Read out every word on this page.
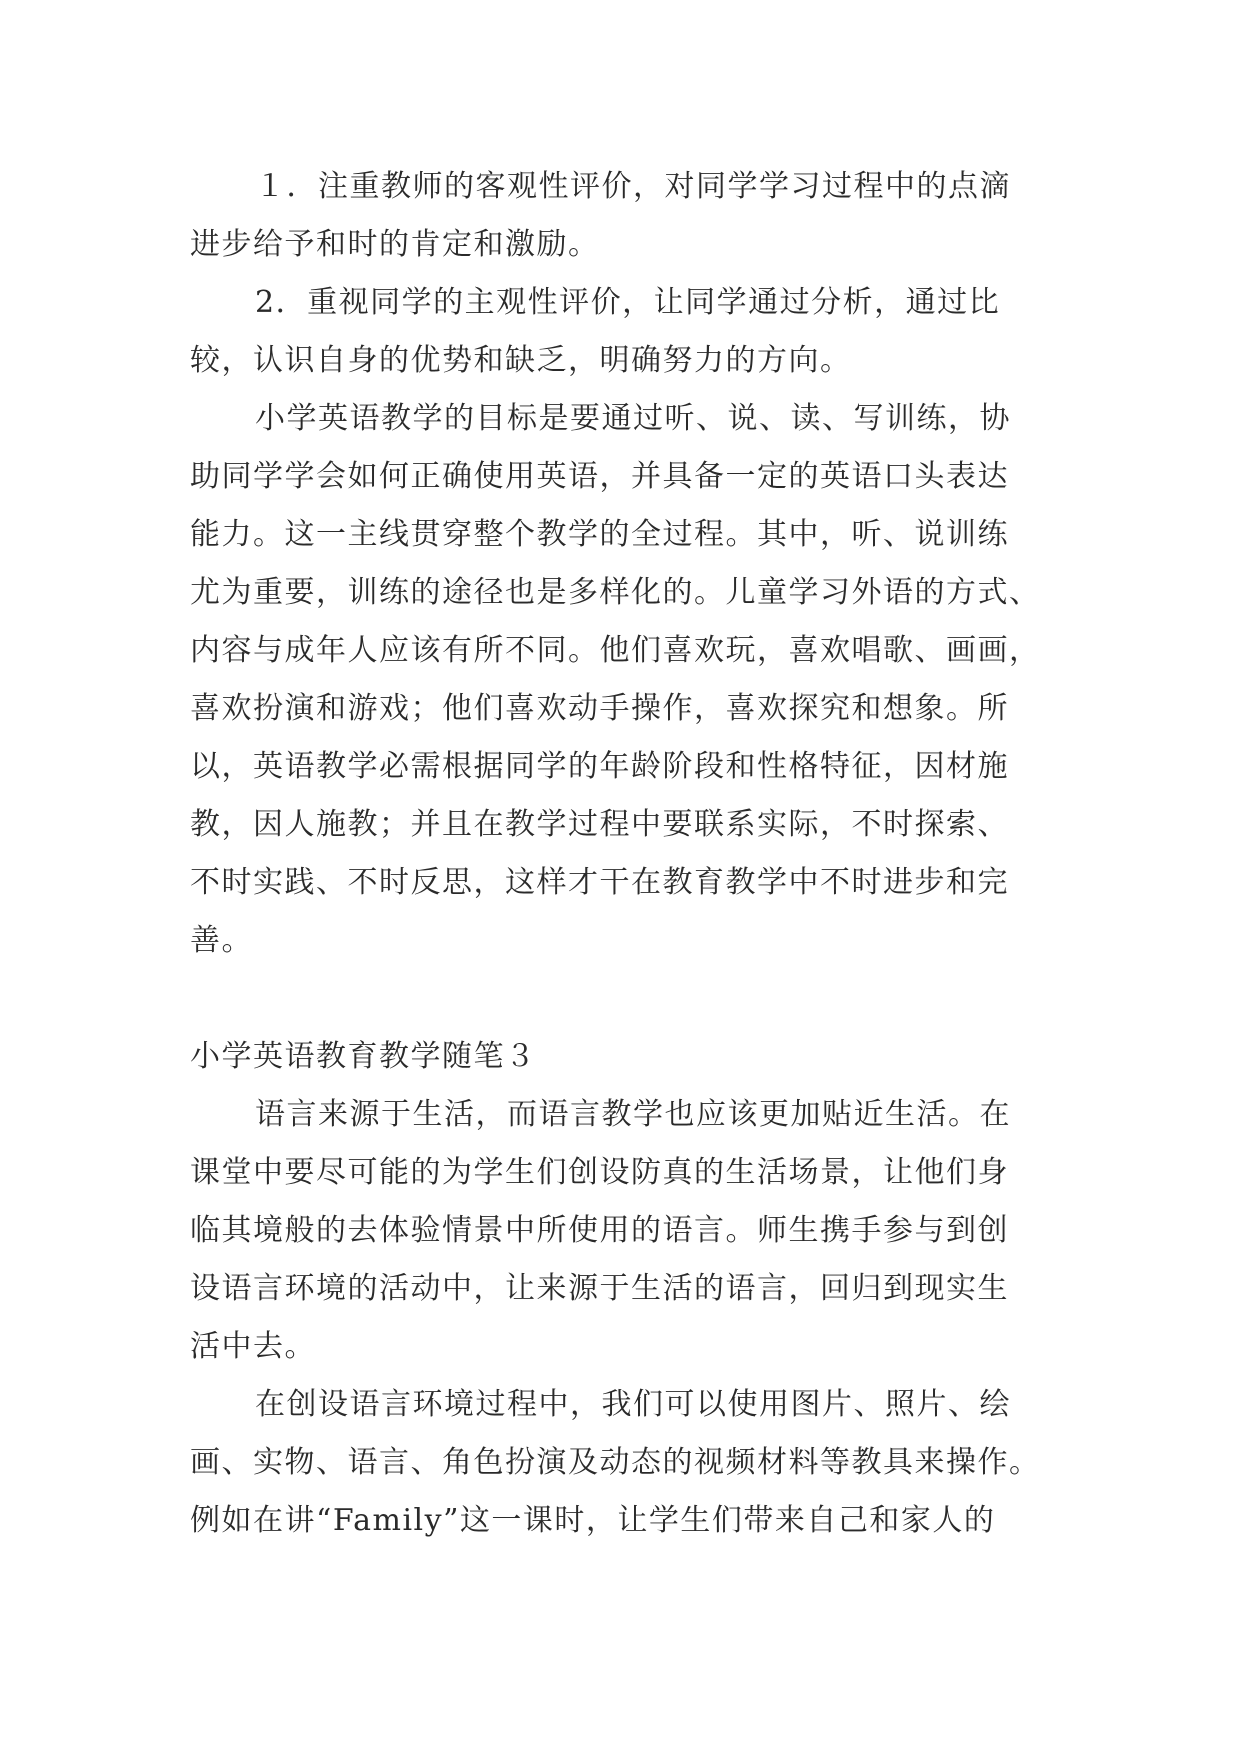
１．注重教师的客观性评价，对同学学习过程中的点滴
进步给予和时的肯定和激励。
2．重视同学的主观性评价，让同学通过分析，通过比
较，认识自身的优势和缺乏，明确努力的方向。
小学英语教学的目标是要通过听、说、读、写训练，协
助同学学会如何正确使用英语，并具备一定的英语口头表达
能力。这一主线贯穿整个教学的全过程。其中，听、说训练
尤为重要，训练的途径也是多样化的。儿童学习外语的方式、
内容与成年人应该有所不同。他们喜欢玩，喜欢唱歌、画画，
喜欢扮演和游戏；他们喜欢动手操作，喜欢探究和想象。所
以，英语教学必需根据同学的年龄阶段和性格特征，因材施
教，因人施教；并且在教学过程中要联系实际，不时探索、
不时实践、不时反思，这样才干在教育教学中不时进步和完
善。
小学英语教育教学随笔３
语言来源于生活，而语言教学也应该更加贴近生活。在
课堂中要尽可能的为学生们创设防真的生活场景，让他们身
临其境般的去体验情景中所使用的语言。师生携手参与到创
设语言环境的活动中，让来源于生活的语言，回归到现实生
活中去。
在创设语言环境过程中，我们可以使用图片、照片、绘
画、实物、语言、角色扮演及动态的视频材料等教具来操作。
例如在讲“Family”这一课时，让学生们带来自己和家人的
